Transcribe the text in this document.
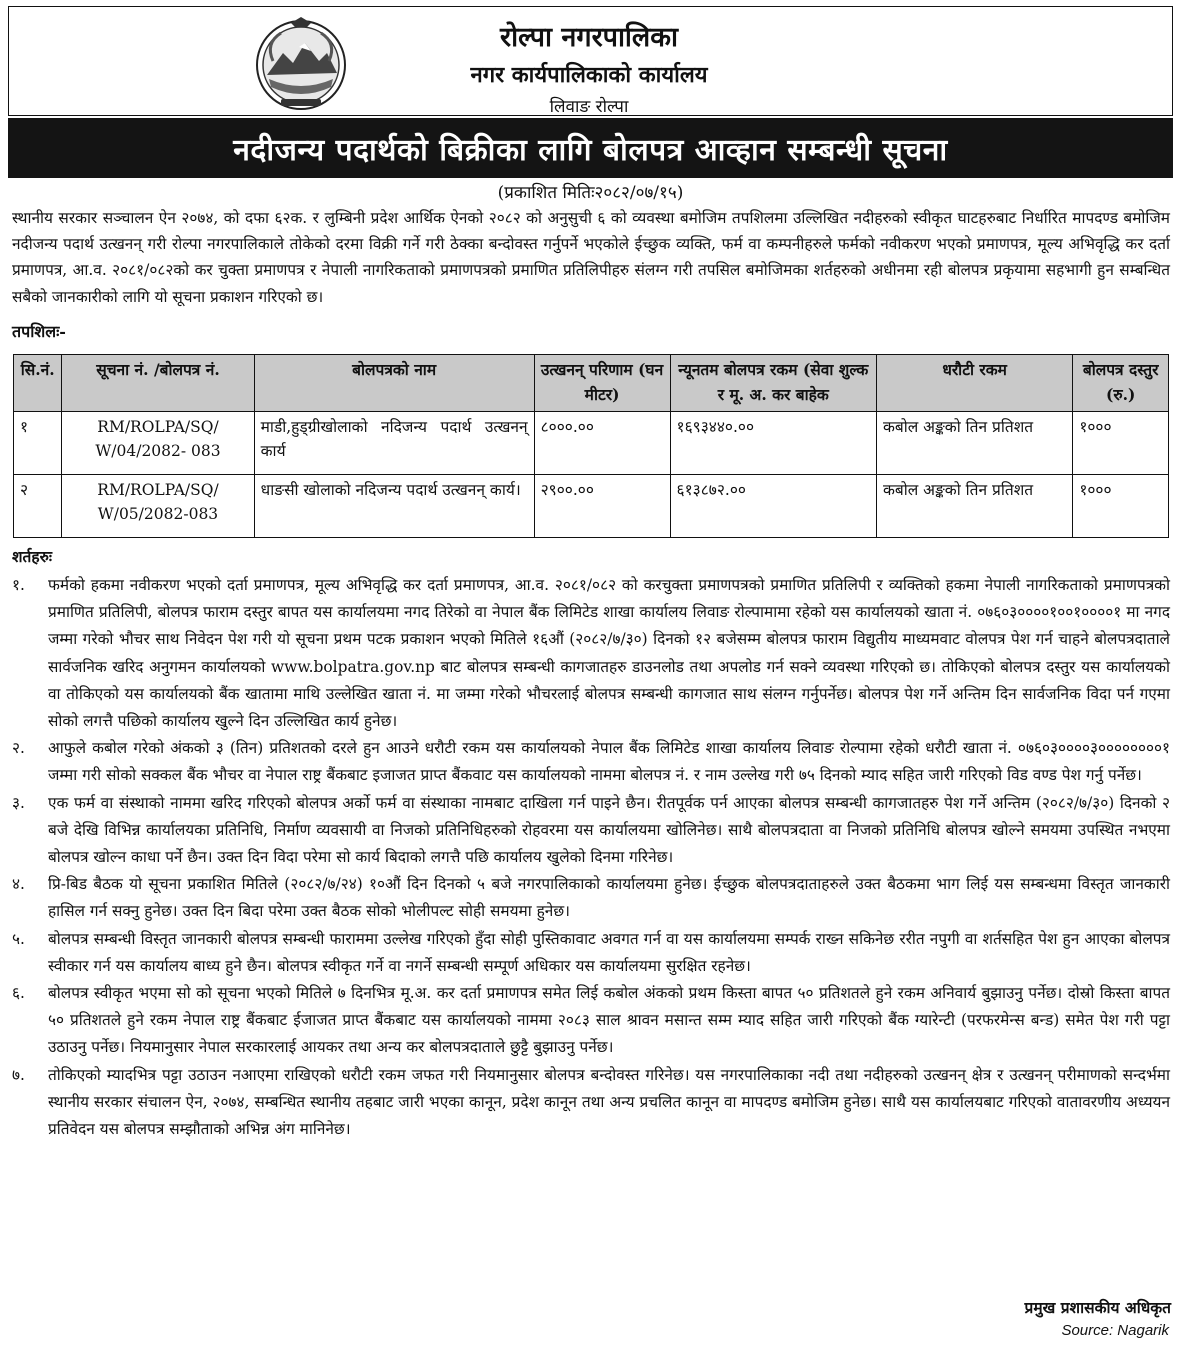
रोल्पा नगरपालिका
नगर कार्यपालिकाको कार्यालय
लिवाङ रोल्पा
नदीजन्य पदार्थको बिक्रीका लागि बोलपत्र आव्हान सम्बन्धी सूचना
(प्रकाशित मितिः२०८२/०७/१५)

स्थानीय सरकार सञ्चालन ऐन २०७४, को दफा ६२क. र लुम्बिनी प्रदेश आर्थिक ऐनको २०८२ को अनुसुची ६ को व्यवस्था बमोजिम तपशिलमा उल्लिखित नदीहरुको स्वीकृत घाटहरुबाट निर्धारित मापदण्ड बमोजिम नदीजन्य पदार्थ उत्खनन् गरी रोल्पा नगरपालिकाले तोकेको दरमा विक्री गर्ने गरी ठेक्का बन्दोवस्त गर्नुपर्ने भएकोले ईच्छुक व्यक्ति, फर्म वा कम्पनीहरुले फर्मको नवीकरण भएको प्रमाणपत्र, मूल्य अभिवृद्धि कर दर्ता प्रमाणपत्र, आ.व. २०८१/०८२को कर चुक्ता प्रमाणपत्र र नेपाली नागरिकताको प्रमाणपत्रको प्रमाणित प्रतिलिपीहरु संलग्न गरी तपसिल बमोजिमका शर्तहरुको अधीनमा रही बोलपत्र प्रकृयामा सहभागी हुन सम्बन्धित सबैको जानकारीको लागि यो सूचना प्रकाशन गरिएको छ।

तपशिलः-
सि.नं.	सूचना नं. /बोलपत्र नं.	बोलपत्रको नाम	उत्खनन् परिणाम (घन मीटर)	न्यूनतम बोलपत्र रकम (सेवा शुल्क र मू. अ. कर बाहेक	धरौटी रकम	बोलपत्र दस्तुर (रु.)
१	RM/ROLPA/SQ/ W/04/2082- 083	माडी,हुड्ग्रीखोलाको नदिजन्य पदार्थ उत्खनन् कार्य	८०००.००	१६९३४४०.००	कबोल अङ्कको तिन प्रतिशत	१०००
२	RM/ROLPA/SQ/ W/05/2082-083	धाङसी खोलाको नदिजन्य पदार्थ उत्खनन् कार्य।	२९००.००	६१३८७२.००	कबोल अङ्कको तिन प्रतिशत	१०००
शर्तहरुः
१.	फर्मको हकमा नवीकरण भएको दर्ता प्रमाणपत्र, मूल्य अभिवृद्धि कर दर्ता प्रमाणपत्र, आ.व. २०८१/०८२ को करचुक्ता प्रमाणपत्रको प्रमाणित प्रतिलिपी र व्यक्तिको हकमा नेपाली नागरिकताको प्रमाणपत्रको प्रमाणित प्रतिलिपी, बोलपत्र फाराम दस्तुर बापत यस कार्यालयमा नगद तिरेको वा नेपाल बैंक लिमिटेड शाखा कार्यालय लिवाङ रोल्पामामा रहेको यस कार्यालयको खाता नं. ०७६०३००००१००१००००१ मा नगद जम्मा गरेको भौचर साथ निवेदन पेश गरी यो सूचना प्रथम पटक प्रकाशन भएको मितिले १६औं (२०८२/७/३०) दिनको १२ बजेसम्म बोलपत्र फाराम विद्युतीय माध्यमवाट वोलपत्र पेश गर्न चाहने बोलपत्रदाताले सार्वजनिक खरिद अनुगमन कार्यालयको www.bolpatra.gov.np बाट बोलपत्र सम्बन्धी कागजातहरु डाउनलोड तथा अपलोड गर्न सक्ने व्यवस्था गरिएको छ। तोकिएको बोलपत्र दस्तुर यस कार्यालयको वा तोकिएको यस कार्यालयको बैंक खातामा माथि उल्लेखित खाता नं. मा जम्मा गरेको भौचरलाई बोलपत्र सम्बन्धी कागजात साथ संलग्न गर्नुपर्नेछ। बोलपत्र पेश गर्ने अन्तिम दिन सार्वजनिक विदा पर्न गएमा सोको लगत्तै पछिको कार्यालय खुल्ने दिन उल्लिखित कार्य हुनेछ।
२.	आफुले कबोल गरेको अंकको ३ (तिन) प्रतिशतको दरले हुन आउने धरौटी रकम यस कार्यालयको नेपाल बैंक लिमिटेड शाखा कार्यालय लिवाङ रोल्पामा रहेको धरौटी खाता नं. ०७६०३००००३००००००००१ जम्मा गरी सोको सक्कल बैंक भौचर वा नेपाल राष्ट्र बैंकबाट इजाजत प्राप्त बैंकवाट यस कार्यालयको नाममा बोलपत्र नं. र नाम उल्लेख गरी ७५ दिनको म्याद सहित जारी गरिएको विड वण्ड पेश गर्नु पर्नेछ।
३.	एक फर्म वा संस्थाको नाममा खरिद गरिएको बोलपत्र अर्को फर्म वा संस्थाका नामबाट दाखिला गर्न पाइने छैन। रीतपूर्वक पर्न आएका बोलपत्र सम्बन्धी कागजातहरु पेश गर्ने अन्तिम (२०८२/७/३०) दिनको २ बजे देखि विभिन्न कार्यालयका प्रतिनिधि, निर्माण व्यवसायी वा निजको प्रतिनिधिहरुको रोहवरमा यस कार्यालयमा खोलिनेछ। साथै बोलपत्रदाता वा निजको प्रतिनिधि बोलपत्र खोल्ने समयमा उपस्थित नभएमा बोलपत्र खोल्न काधा पर्ने छैन। उक्त दिन विदा परेमा सो कार्य बिदाको लगत्तै पछि कार्यालय खुलेको दिनमा गरिनेछ।
४.	प्रि-बिड बैठक यो सूचना प्रकाशित मितिले (२०८२/७/२४) १०औं दिन दिनको ५ बजे नगरपालिकाको कार्यालयमा हुनेछ। ईच्छुक बोलपत्रदाताहरुले उक्त बैठकमा भाग लिई यस सम्बन्धमा विस्तृत जानकारी हासिल गर्न सक्नु हुनेछ। उक्त दिन बिदा परेमा उक्त बैठक सोको भोलीपल्ट सोही समयमा हुनेछ।
५.	बोलपत्र सम्बन्धी विस्तृत जानकारी बोलपत्र सम्बन्धी फाराममा उल्लेख गरिएको हुँदा सोही पुस्तिकावाट अवगत गर्न वा यस कार्यालयमा सम्पर्क राख्न सकिनेछ ररीत नपुगी वा शर्तसहित पेश हुन आएका बोलपत्र स्वीकार गर्न यस कार्यालय बाध्य हुने छैन। बोलपत्र स्वीकृत गर्ने वा नगर्ने सम्बन्धी सम्पूर्ण अधिकार यस कार्यालयमा सुरक्षित रहनेछ।
६.	बोलपत्र स्वीकृत भएमा सो को सूचना भएको मितिले ७ दिनभित्र मू.अ. कर दर्ता प्रमाणपत्र समेत लिई कबोल अंकको प्रथम किस्ता बापत ५० प्रतिशतले हुने रकम अनिवार्य बुझाउनु पर्नेछ। दोस्रो किस्ता बापत ५० प्रतिशतले हुने रकम नेपाल राष्ट्र बैंकबाट ईजाजत प्राप्त बैंकबाट यस कार्यालयको नाममा २०८३ साल श्रावन मसान्त सम्म म्याद सहित जारी गरिएको बैंक ग्यारेन्टी (परफरमेन्स बन्ड) समेत पेश गरी पट्टा उठाउनु पर्नेछ। नियमानुसार नेपाल सरकारलाई आयकर तथा अन्य कर बोलपत्रदाताले छुट्टै बुझाउनु पर्नेछ।
७.	तोकिएको म्यादभित्र पट्टा उठाउन नआएमा राखिएको धरौटी रकम जफत गरी नियमानुसार बोलपत्र बन्दोवस्त गरिनेछ। यस नगरपालिकाका नदी तथा नदीहरुको उत्खनन् क्षेत्र र उत्खनन् परीमाणको सन्दर्भमा स्थानीय सरकार संचालन ऐन, २०७४, सम्बन्धित स्थानीय तहबाट जारी भएका कानून, प्रदेश कानून तथा अन्य प्रचलित कानून वा मापदण्ड बमोजिम हुनेछ। साथै यस कार्यालयबाट गरिएको वातावरणीय अध्ययन प्रतिवेदन यस बोलपत्र सम्झौताको अभिन्न अंग मानिनेछ।
प्रमुख प्रशासकीय अधिकृत
Source: Nagarik
